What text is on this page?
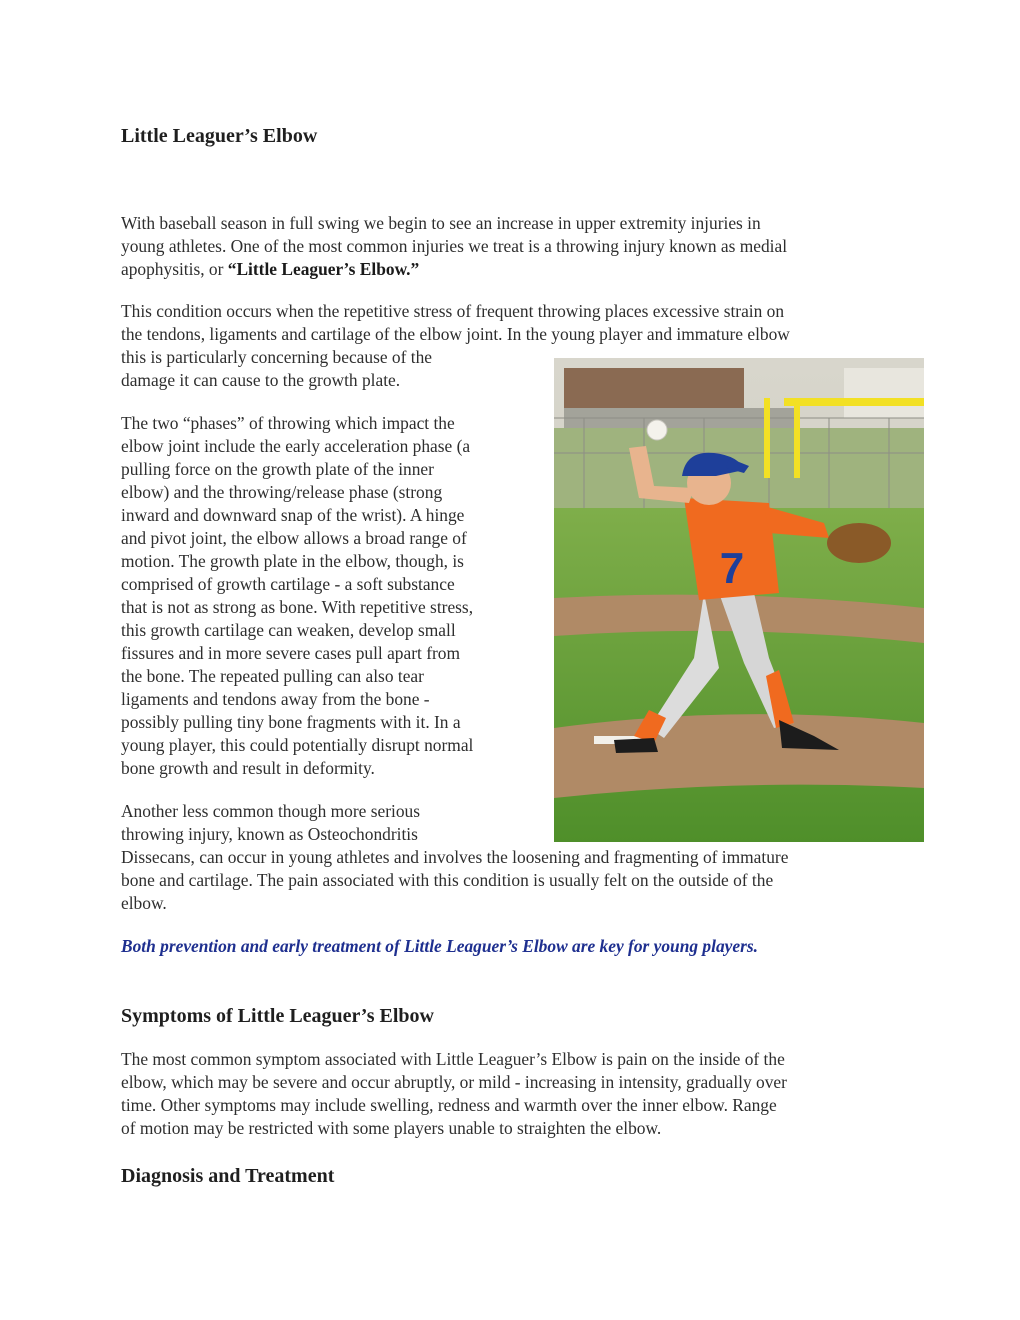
Little Leaguer’s Elbow

With baseball season in full swing we begin to see an increase in upper extremity injuries in
young athletes. One of the most common injuries we treat is a throwing injury known as medial
apophysitis, or “Little Leaguer’s Elbow.”

This condition occurs when the repetitive stress of frequent throwing places excessive strain on
the tendons, ligaments and cartilage of the elbow joint. In the young player and immature elbow
this is particularly concerning because of the
damage it can cause to the growth plate.

The two “phases” of throwing which impact the
elbow joint include the early acceleration phase (a
pulling force on the growth plate of the inner
elbow) and the throwing/release phase (strong
inward and downward snap of the wrist). A hinge
and pivot joint, the elbow allows a broad range of
motion. The growth plate in the elbow, though, is
comprised of growth cartilage - a soft substance
that is not as strong as bone. With repetitive stress,
this growth cartilage can weaken, develop small
fissures and in more severe cases pull apart from
the bone. The repeated pulling can also tear
ligaments and tendons away from the bone -
possibly pulling tiny bone fragments with it. In a
young player, this could potentially disrupt normal
bone growth and result in deformity.

Another less common though more serious
throwing injury, known as Osteochondritis
Dissecans, can occur in young athletes and involves the loosening and fragmenting of immature
bone and cartilage. The pain associated with this condition is usually felt on the outside of the
elbow.

Both prevention and early treatment of Little Leaguer’s Elbow are key for young players.

Symptoms of Little Leaguer’s Elbow

The most common symptom associated with Little Leaguer’s Elbow is pain on the inside of the
elbow, which may be severe and occur abruptly, or mild - increasing in intensity, gradually over
time. Other symptoms may include swelling, redness and warmth over the inner elbow. Range
of motion may be restricted with some players unable to straighten the elbow.

Diagnosis and Treatment
7
